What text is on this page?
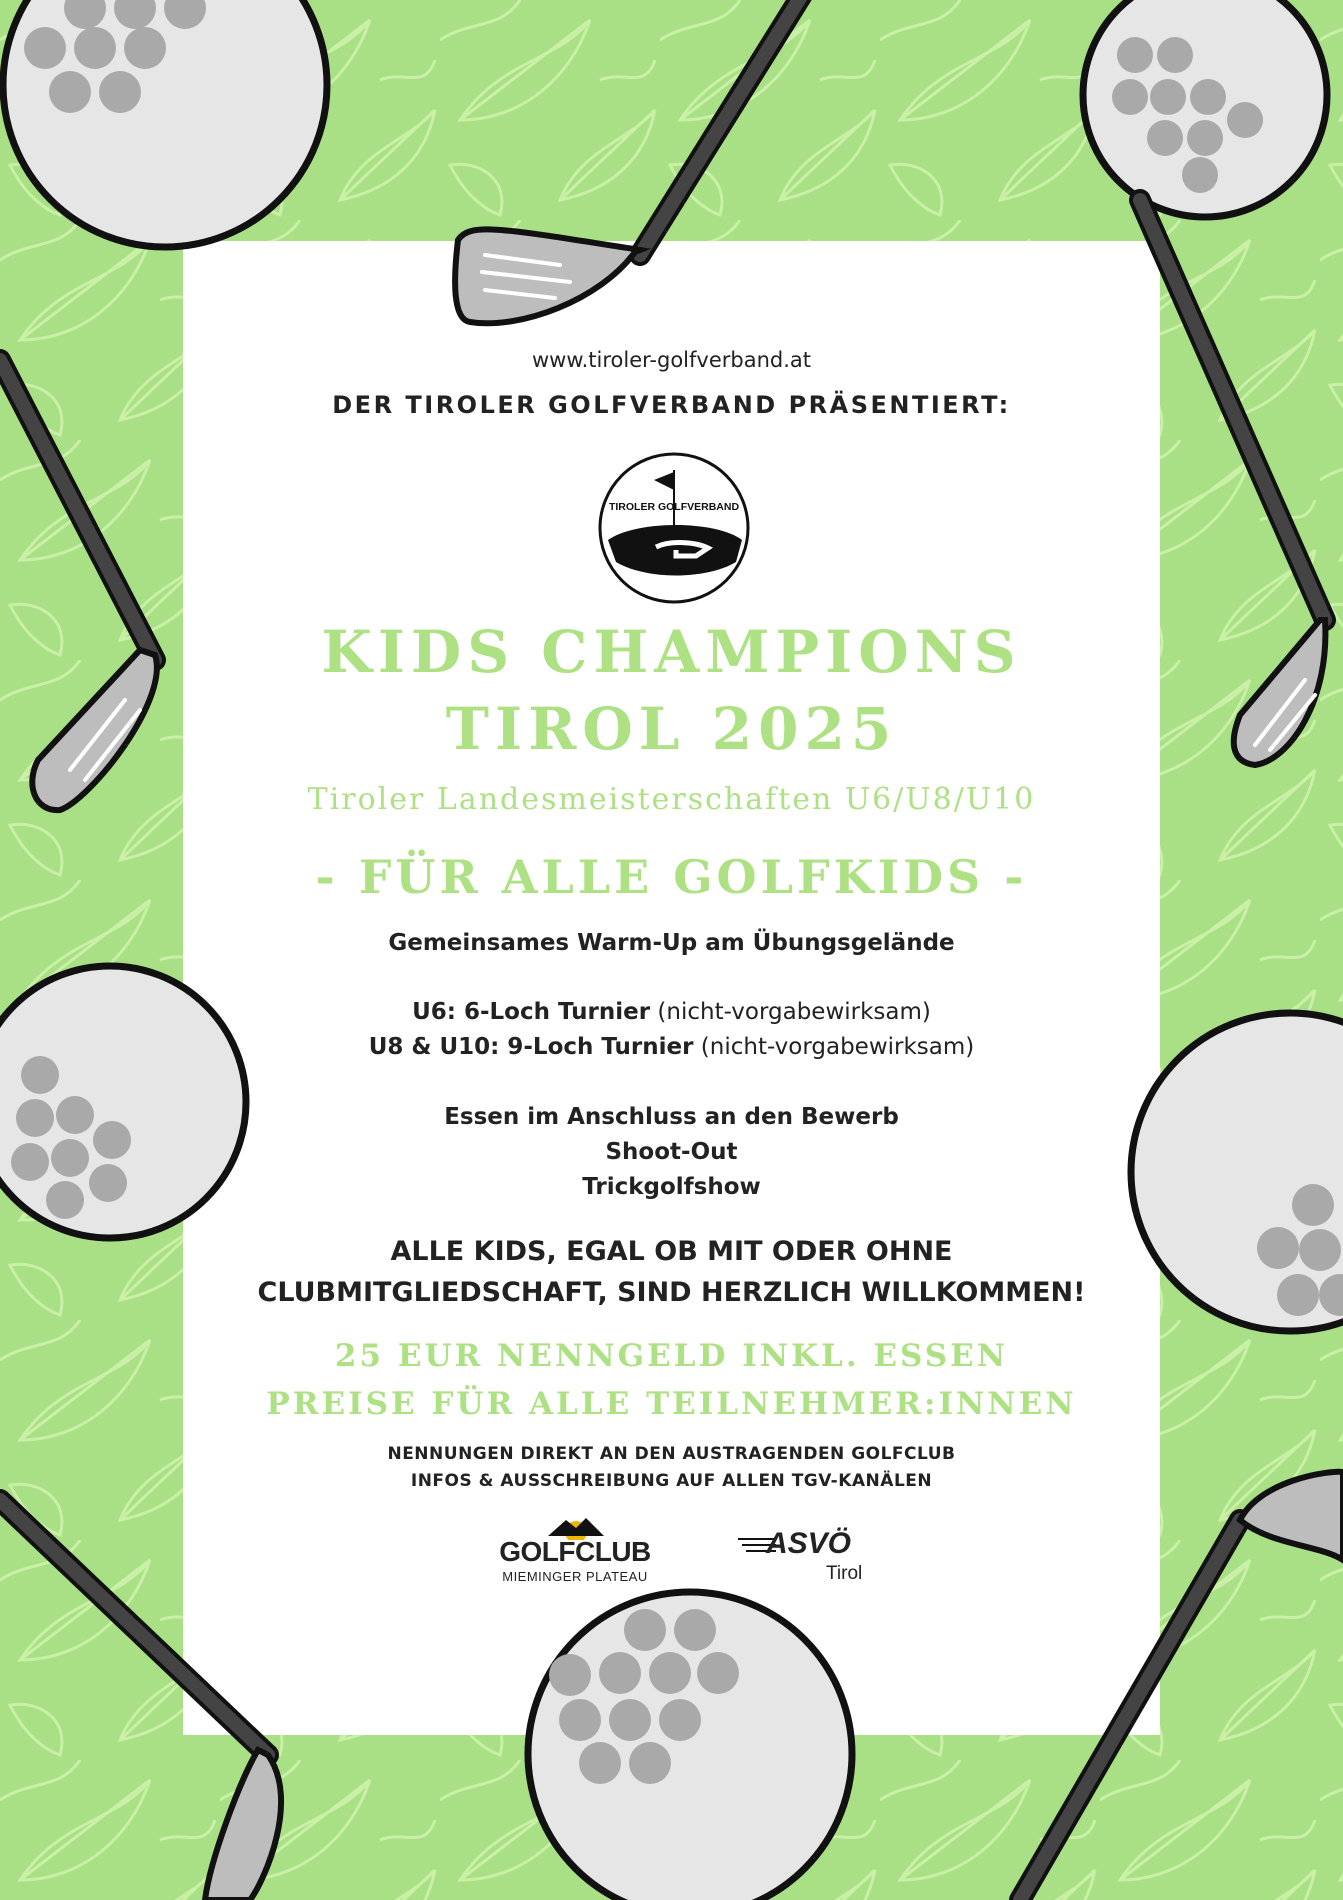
www.tiroler-golfverband.at
DER TIROLER GOLFVERBAND PRÄSENTIERT:
TIROLER GOLFVERBAND
KIDS CHAMPIONS
TIROL 2025
Tiroler Landesmeisterschaften U6/U8/U10
- FÜR ALLE GOLFKIDS -
Gemeinsames Warm-Up am Übungsgelände
U6: 6-Loch Turnier (nicht-vorgabewirksam)
U8 & U10: 9-Loch Turnier (nicht-vorgabewirksam)
Essen im Anschluss an den Bewerb
Shoot-Out
Trickgolfshow
ALLE KIDS, EGAL OB MIT ODER OHNE
CLUBMITGLIEDSCHAFT, SIND HERZLICH WILLKOMMEN!
25 EUR NENNGELD INKL. ESSEN
PREISE FÜR ALLE TEILNEHMER:INNEN
NENNUNGEN DIREKT AN DEN AUSTRAGENDEN GOLFCLUB
INFOS & AUSSCHREIBUNG AUF ALLEN TGV-KANÄLEN
GOLFCLUB
MIEMINGER PLATEAU
ASVÖ
Tirol
